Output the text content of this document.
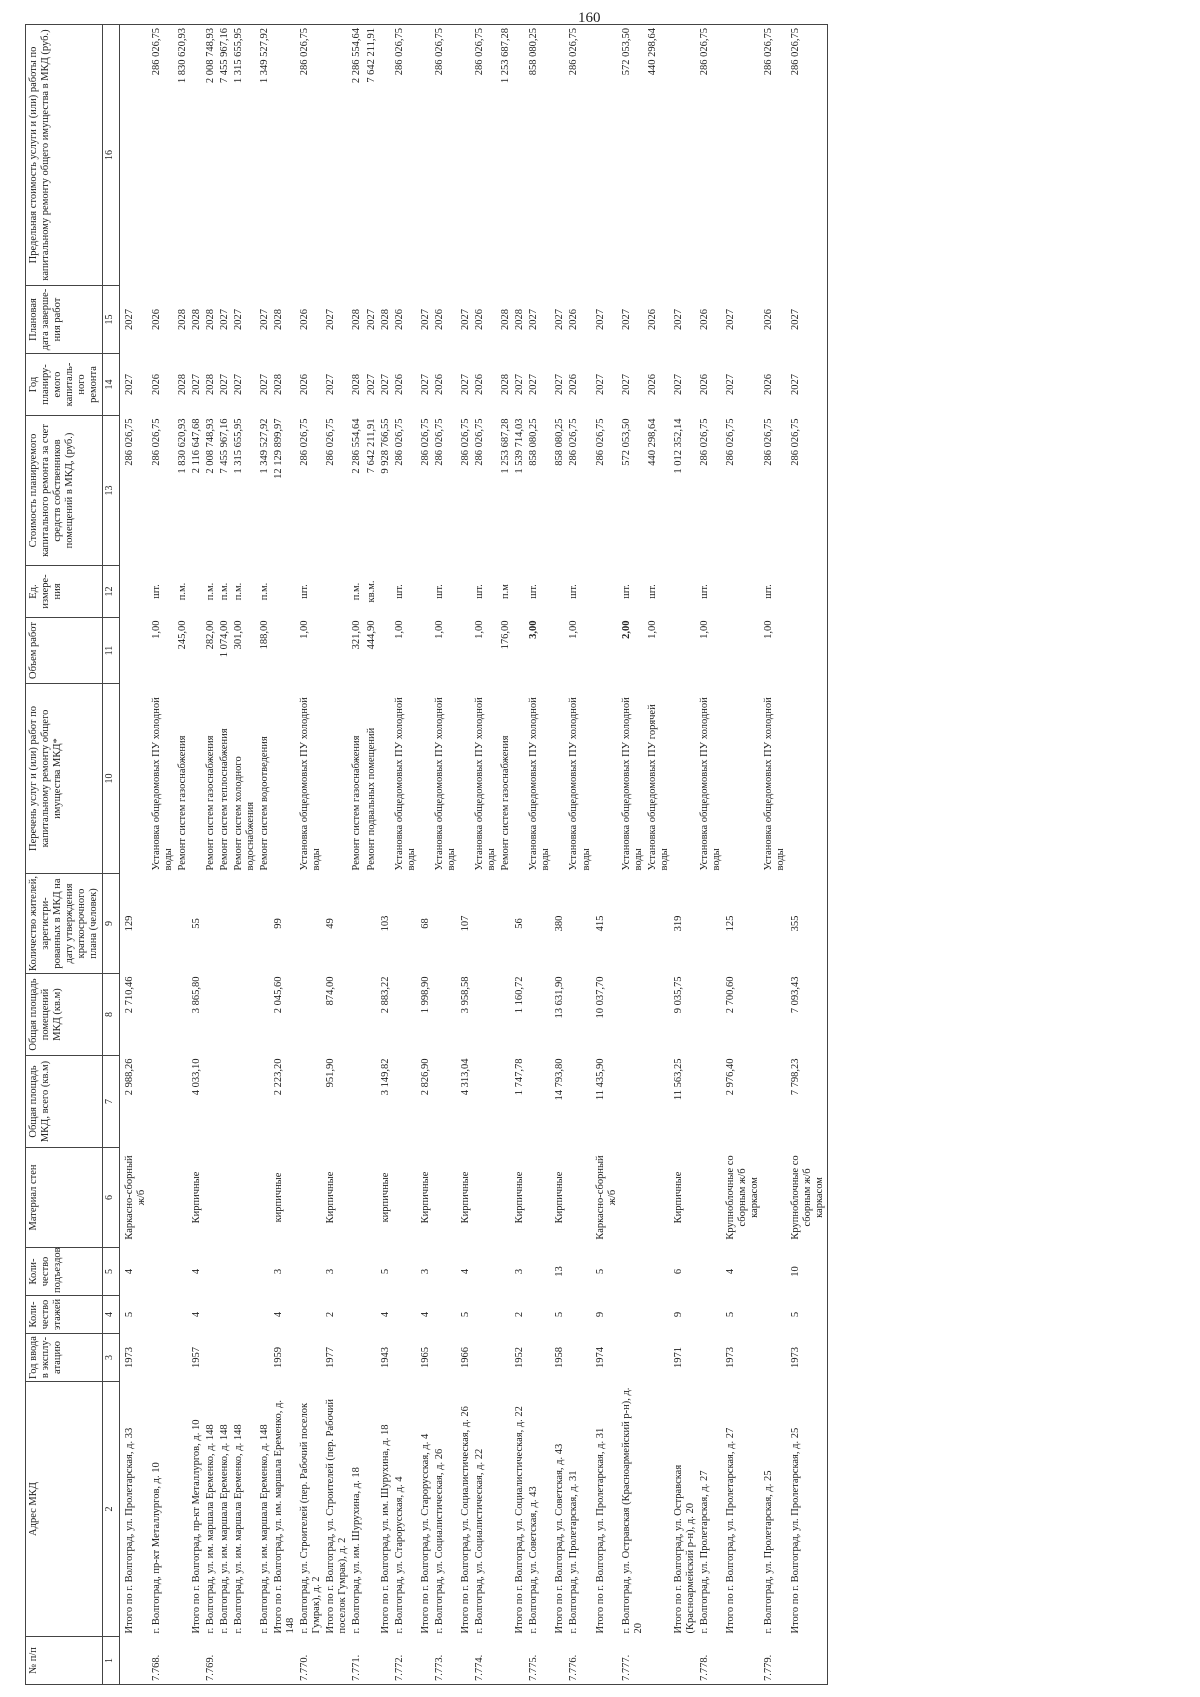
160
№ п/п	Адрес МКД	Год ввода в эксплу-атацию	Коли-чество этажей	Коли-чество подъездов	Материал стен	Общая площадь МКД, всего (кв.м)	Общая площадь помещений МКД (кв.м)	Количество жителей, зарегистри-рованных в МКД на дату утверждения краткосрочного плана (человек)	Перечень услуг и (или) работ по капитальному ремонту общего имущества МКД*	Объем работ	Ед. измере-ния	Стоимость планируемого капитального ремонта за счет средств собственников помещений в МКД, (руб.)	Год планиру-емого капиталь-ного ремонта	Плановая дата заверше-ния работ	Предельная стоимость услуги и (или) работы по капитальному ремонту общего имущества в МКД (руб.)
1	2	3	4	5	6	7	8	9	10	11	12	13	14	15	16
	Итого по г. Волгоград, ул. Пролетарская, д. 33	1973	5	4	Каркасно-сборный ж/б	2 988,26	2 710,46	129				286 026,75	2027	2027	
7.768.	г. Волгоград, пр-кт Металлургов, д. 10								Установка общедомовых ПУ холодной воды	1,00	шт.	286 026,75	2026	2026	286 026,75
									Ремонт систем газоснабжения	245,00	п.м.	1 830 620,93	2028	2028	1 830 620,93
	Итого по г. Волгоград, пр-кт Металлургов, д. 10	1957	4	4	Кирпичные	4 033,10	3 865,80	55				2 116 647,68	2027	2028	
7.769.	г. Волгоград, ул. им. маршала Еременко, д. 148								Ремонт систем газоснабжения	282,00	п.м.	2 008 748,93	2028	2028	2 008 748,93
	г. Волгоград, ул. им. маршала Еременко, д. 148								Ремонт систем теплоснабжения	1 074,00	п.м.	7 455 967,16	2027	2027	7 455 967,16
	г. Волгоград, ул. им. маршала Еременко, д. 148								Ремонт систем холодного водоснабжения	301,00	п.м.	1 315 655,95	2027	2027	1 315 655,95
	г. Волгоград, ул. им. маршала Еременко, д. 148								Ремонт систем водоотведения	188,00	п.м.	1 349 527,92	2027	2027	1 349 527,92
	Итого по г. Волгоград, ул. им. маршала Еременко, д. 148	1959	4	3	кирпичные	2 223,20	2 045,60	99				12 129 899,97	2028	2028	
7.770.	г. Волгоград, ул. Строителей (пер. Рабочий поселок Гумрак), д. 2								Установка общедомовых ПУ холодной воды	1,00	шт.	286 026,75	2026	2026	286 026,75
	Итого по г. Волгоград, ул. Строителей (пер. Рабочий поселок Гумрак), д. 2	1977	2	3	Кирпичные	951,90	874,00	49				286 026,75	2027	2027	
7.771.	г. Волгоград, ул. им. Шурухина, д. 18								Ремонт систем газоснабжения	321,00	п.м.	2 286 554,64	2028	2028	2 286 554,64
									Ремонт подвальных помещений	444,90	кв.м.	7 642 211,91	2027	2027	7 642 211,91
	Итого по г. Волгоград, ул. им. Шурухина, д. 18	1943	4	5	кирпичные	3 149,82	2 883,22	103				9 928 766,55	2027	2028	
7.772.	г. Волгоград, ул. Старорусская, д. 4								Установка общедомовых ПУ холодной воды	1,00	шт.	286 026,75	2026	2026	286 026,75
	Итого по г. Волгоград, ул. Старорусская, д. 4	1965	4	3	Кирпичные	2 826,90	1 998,90	68				286 026,75	2027	2027	
7.773.	г. Волгоград, ул. Социалистическая, д. 26								Установка общедомовых ПУ холодной воды	1,00	шт.	286 026,75	2026	2026	286 026,75
	Итого по г. Волгоград, ул. Социалистическая, д. 26	1966	5	4	Кирпичные	4 313,04	3 958,58	107				286 026,75	2027	2027	
7.774.	г. Волгоград, ул. Социалистическая, д. 22								Установка общедомовых ПУ холодной воды	1,00	шт.	286 026,75	2026	2026	286 026,75
									Ремонт систем газоснабжения	176,00	п.м	1 253 687,28	2028	2028	1 253 687,28
	Итого по г. Волгоград, ул. Социалистическая, д. 22	1952	2	3	Кирпичные	1 747,78	1 160,72	56				1 539 714,03	2027	2028	
7.775.	г. Волгоград, ул. Советская, д. 43								Установка общедомовых ПУ холодной воды	3,00	шт.	858 080,25	2027	2027	858 080,25
	Итого по г. Волгоград, ул. Советская, д. 43	1958	5	13	Кирпичные	14 793,80	13 631,90	380				858 080,25	2027	2027	
7.776.	г. Волгоград, ул. Пролетарская, д. 31								Установка общедомовых ПУ холодной воды	1,00	шт.	286 026,75	2026	2026	286 026,75
	Итого по г. Волгоград, ул. Пролетарская, д. 31	1974	9	5	Каркасно-сборный ж/б	11 435,90	10 037,70	415				286 026,75	2027	2027	
7.777.	г. Волгоград, ул. Остравская (Красноармейский р-н), д. 20								Установка общедомовых ПУ холодной воды	2,00	шт.	572 053,50	2027	2027	572 053,50
									Установка общедомовых ПУ горячей воды	1,00	шт.	440 298,64	2026	2026	440 298,64
	Итого по г. Волгоград, ул. Остравская (Красноармейский р-н), д. 20	1971	9	6	Кирпичные	11 563,25	9 035,75	319				1 012 352,14	2027	2027	
7.778.	г. Волгоград, ул. Пролетарская, д. 27								Установка общедомовых ПУ холодной воды	1,00	шт.	286 026,75	2026	2026	286 026,75
	Итого по г. Волгоград, ул. Пролетарская, д. 27	1973	5	4	Крупноблочные со сборным ж/б каркасом	2 976,40	2 700,60	125				286 026,75	2027	2027	
7.779.	г. Волгоград, ул. Пролетарская, д. 25								Установка общедомовых ПУ холодной воды	1,00	шт.	286 026,75	2026	2026	286 026,75
	Итого по г. Волгоград, ул. Пролетарская, д. 25	1973	5	10	Крупноблочные со сборным ж/б каркасом	7 798,23	7 093,43	355				286 026,75	2027	2027	286 026,75
